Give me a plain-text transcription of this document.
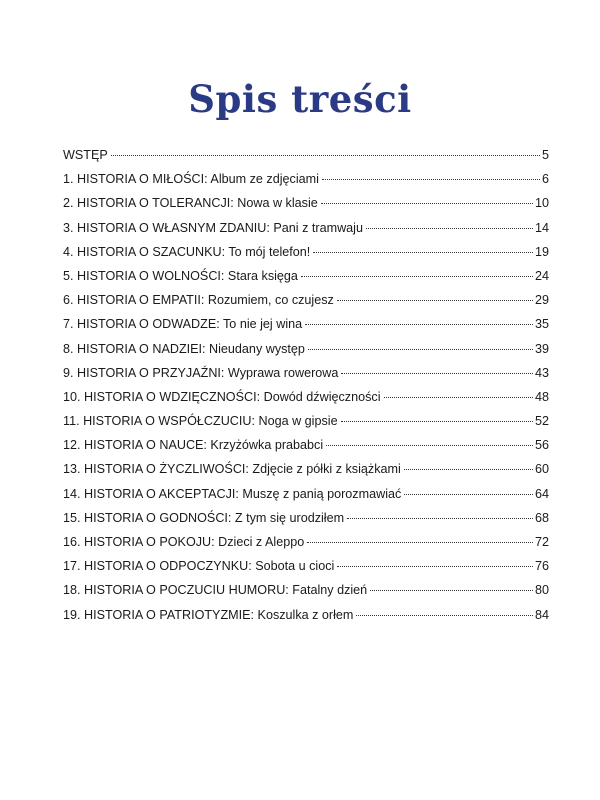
Spis treści
WSTĘP	5
1. HISTORIA O MIŁOŚCI: Album ze zdjęciami	6
2. HISTORIA O TOLERANCJI: Nowa w klasie	10
3. HISTORIA O WŁASNYM ZDANIU: Pani z tramwaju	14
4. HISTORIA O SZACUNKU: To mój telefon!	19
5. HISTORIA O WOLNOŚCI: Stara księga	24
6. HISTORIA O EMPATII: Rozumiem, co czujesz	29
7. HISTORIA O ODWADZE: To nie jej wina	35
8. HISTORIA O NADZIEI: Nieudany występ	39
9. HISTORIA O PRZYJAŹNI: Wyprawa rowerowa	43
10. HISTORIA O WDZIĘCZNOŚCI: Dowód dźwięczności	48
11. HISTORIA O WSPÓŁCZUCIU: Noga w gipsie	52
12. HISTORIA O NAUCE: Krzyżówka prababci	56
13. HISTORIA O ŻYCZLIWOŚCI: Zdjęcie z półki z książkami	60
14. HISTORIA O AKCEPTACJI: Muszę z panią porozmawiać	64
15. HISTORIA O GODNOŚCI: Z tym się urodziłem	68
16. HISTORIA O POKOJU: Dzieci z Aleppo	72
17. HISTORIA O ODPOCZYNKU: Sobota u cioci	76
18. HISTORIA O POCZUCIU HUMORU: Fatalny dzień	80
19. HISTORIA O PATRIOTYZMIE: Koszulka z orłem	84
